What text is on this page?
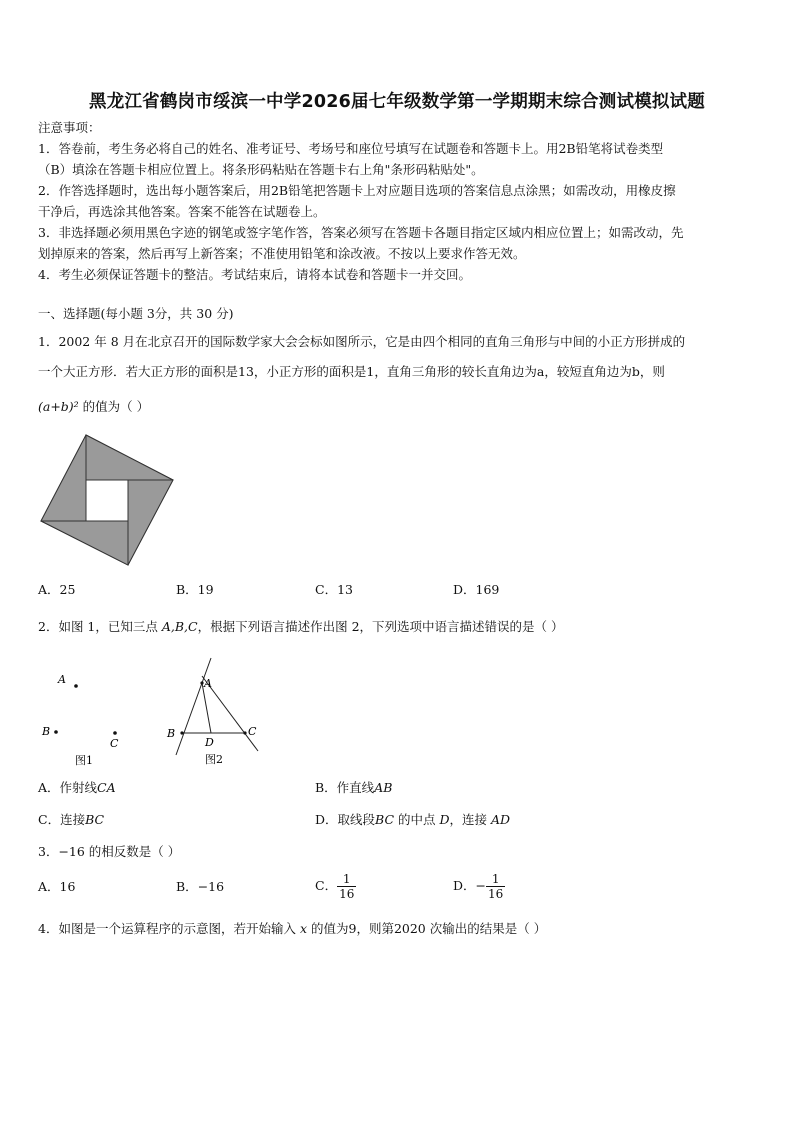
黑龙江省鹤岗市绥滨一中学2026届七年级数学第一学期期末综合测试模拟试题
注意事项：
1．答卷前，考生务必将自己的姓名、准考证号、考场号和座位号填写在试题卷和答题卡上。用2B铅笔将试卷类型
（B）填涂在答题卡相应位置上。将条形码粘贴在答题卡右上角"条形码粘贴处"。
2．作答选择题时，选出每小题答案后，用2B铅笔把答题卡上对应题目选项的答案信息点涂黑；如需改动，用橡皮擦
干净后，再选涂其他答案。答案不能答在试题卷上。
3．非选择题必须用黑色字迹的钢笔或签字笔作答，答案必须写在答题卡各题目指定区域内相应位置上；如需改动，先
划掉原来的答案，然后再写上新答案；不准使用铅笔和涂改液。不按以上要求作答无效。
4．考生必须保证答题卡的整洁。考试结束后，请将本试卷和答题卡一并交回。
一、选择题(每小题 3分，共 30 分)
1．2002 年 8 月在北京召开的国际数学家大会会标如图所示，它是由四个相同的直角三角形与中间的小正方形拼成的
一个大正方形．若大正方形的面积是13，小正方形的面积是1，直角三角形的较长直角边为a，较短直角边为b，则
(a+b)² 的值为（ ）
A．25	B．19	C．13	D．169
2．如图 1，已知三点 A,B,C，根据下列语言描述作出图 2，下列选项中语言描述错误的是（ ）
A
B
C
图1
A
B	C
D
图2
A．作射线CA	B．作直线AB
C．连接BC	D．取线段BC 的中点 D，连接 AD
3．−16 的相反数是（ ）
A．16	B．−16	C． $\frac{1}{16}$	D．− $\frac{1}{16}$
4．如图是一个运算程序的示意图，若开始输入 x 的值为9，则第2020 次输出的结果是（ ）
